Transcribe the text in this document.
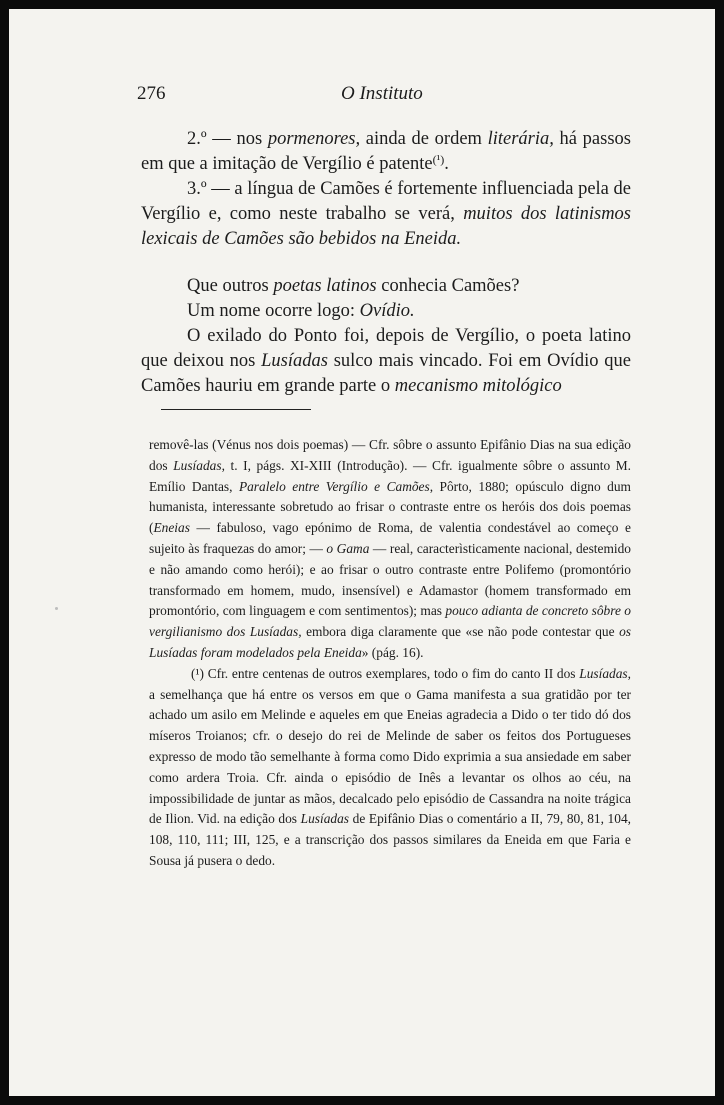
276	O Instituto

2.º — nos pormenores, ainda de ordem literária, há passos em que a imitação de Vergílio é patente$^{(^1)}$.

3.º — a língua de Camões é fortemente influenciada pela de Vergílio e, como neste trabalho se verá, muitos dos latinismos lexicais de Camões são bebidos na Eneida.

Que outros poetas latinos conhecia Camões?

Um nome ocorre logo: Ovídio.

O exilado do Ponto foi, depois de Vergílio, o poeta latino que deixou nos Lusíadas sulco mais vincado. Foi em Ovídio que Camões hauriu em grande parte o mecanismo mitológico

removê-las (Vénus nos dois poemas) — Cfr. sôbre o assunto Epifânio Dias na sua edição dos Lusíadas, t. I, págs. XI-XIII (Introdução). — Cfr. igualmente sôbre o assunto M. Emílio Dantas, Paralelo entre Vergílio e Camões, Pôrto, 1880; opúsculo digno dum humanista, interessante sobretudo ao frisar o contraste entre os heróis dos dois poemas (Eneias — fabuloso, vago epónimo de Roma, de valentia condestável ao começo e sujeito às fraquezas do amor; — o Gama — real, caracterìsticamente nacional, destemido e não amando como herói); e ao frisar o outro contraste entre Polifemo (promontório transformado em homem, mudo, insensível) e Adamastor (homem transformado em promontório, com linguagem e com sentimentos); mas pouco adianta de concreto sôbre o vergilianismo dos Lusíadas, embora diga claramente que «se não pode contestar que os Lusíadas foram modelados pela Eneida» (pág. 16).

(¹) Cfr. entre centenas de outros exemplares, todo o fim do canto II dos Lusíadas, a semelhança que há entre os versos em que o Gama manifesta a sua gratidão por ter achado um asilo em Melinde e aqueles em que Eneias agradecia a Dido o ter tido dó dos míseros Troianos; cfr. o desejo do rei de Melinde de saber os feitos dos Portugueses expresso de modo tão semelhante à forma como Dido exprimia a sua ansiedade em saber como ardera Troia. Cfr. ainda o episódio de Inês a levantar os olhos ao céu, na impossibilidade de juntar as mãos, decalcado pelo episódio de Cassandra na noite trágica de Ilion. Vid. na edição dos Lusíadas de Epifânio Dias o comentário a II, 79, 80, 81, 104, 108, 110, 111; III, 125, e a transcrição dos passos similares da Eneida em que Faria e Sousa já pusera o dedo.
